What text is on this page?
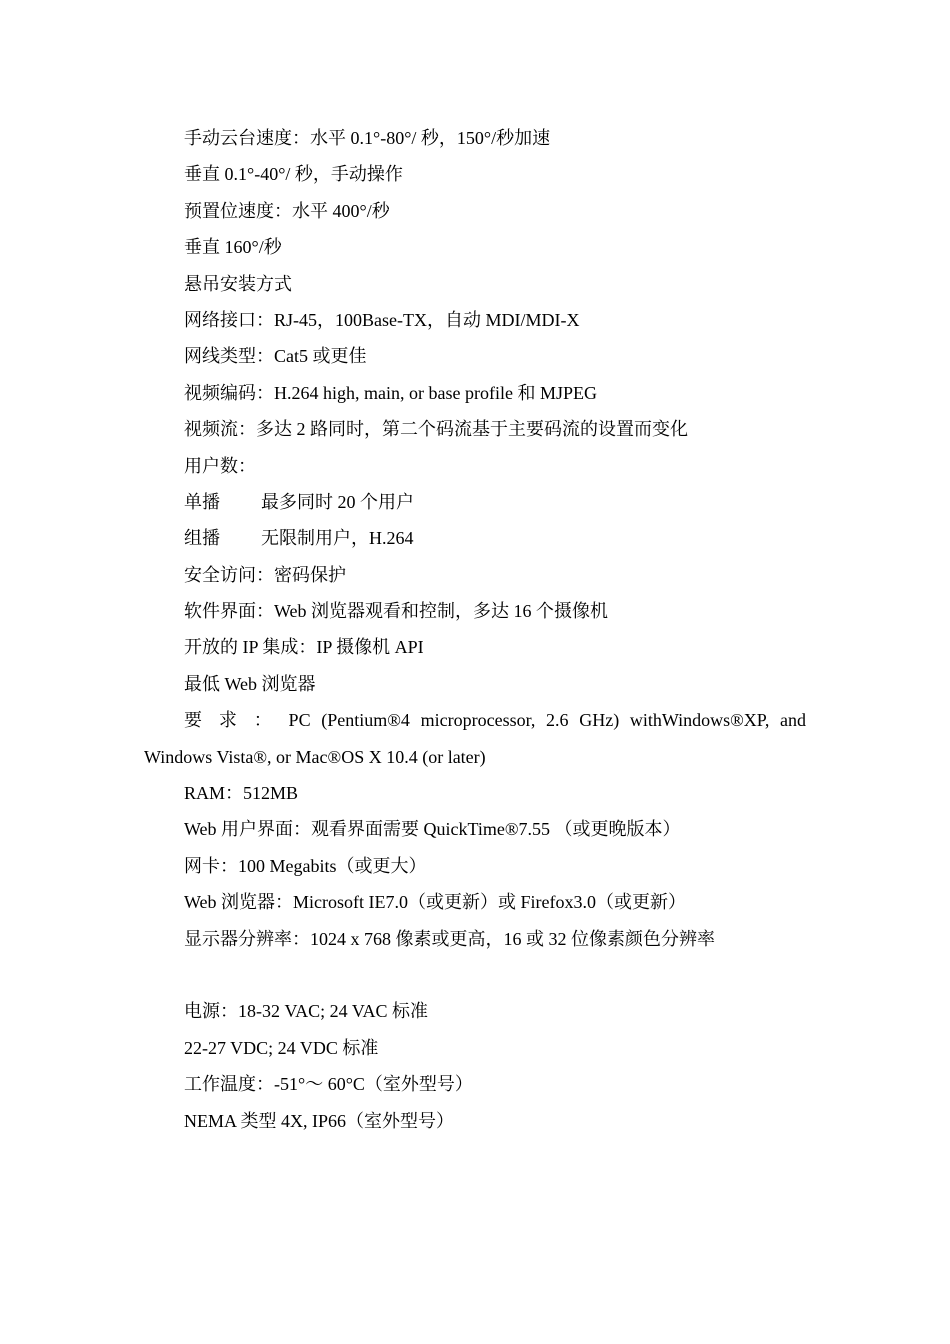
手动云台速度：水平 0.1°-80°/ 秒，150°/秒加速
垂直 0.1°-40°/ 秒，手动操作
预置位速度：水平 400°/秒
垂直 160°/秒
悬吊安装方式
网络接口：RJ-45，100Base-TX，自动 MDI/MDI-X
网线类型：Cat5 或更佳
视频编码：H.264 high, main, or base profile 和 MJPEG
视频流：多达 2 路同时，第二个码流基于主要码流的设置而变化
用户数：
单播	最多同时 20 个用户
组播	无限制用户，H.264
安全访问：密码保护
软件界面：Web 浏览器观看和控制，多达 16 个摄像机
开放的 IP 集成：IP 摄像机 API
最低 Web 浏览器
要 求 ： PC (Pentium®4 microprocessor, 2.6 GHz) withWindows®XP, and
Windows Vista®, or Mac®OS X 10.4 (or later)
RAM：512MB
Web 用户界面：观看界面需要 QuickTime®7.55 （或更晚版本）
网卡：100 Megabits（或更大）
Web 浏览器：Microsoft IE7.0（或更新）或 Firefox3.0（或更新）
显示器分辨率：1024 x 768 像素或更高，16 或 32 位像素颜色分辨率
电源：18-32 VAC; 24 VAC 标准
22-27 VDC; 24 VDC 标准
工作温度：-51°～ 60°C（室外型号）
NEMA 类型 4X, IP66（室外型号）
